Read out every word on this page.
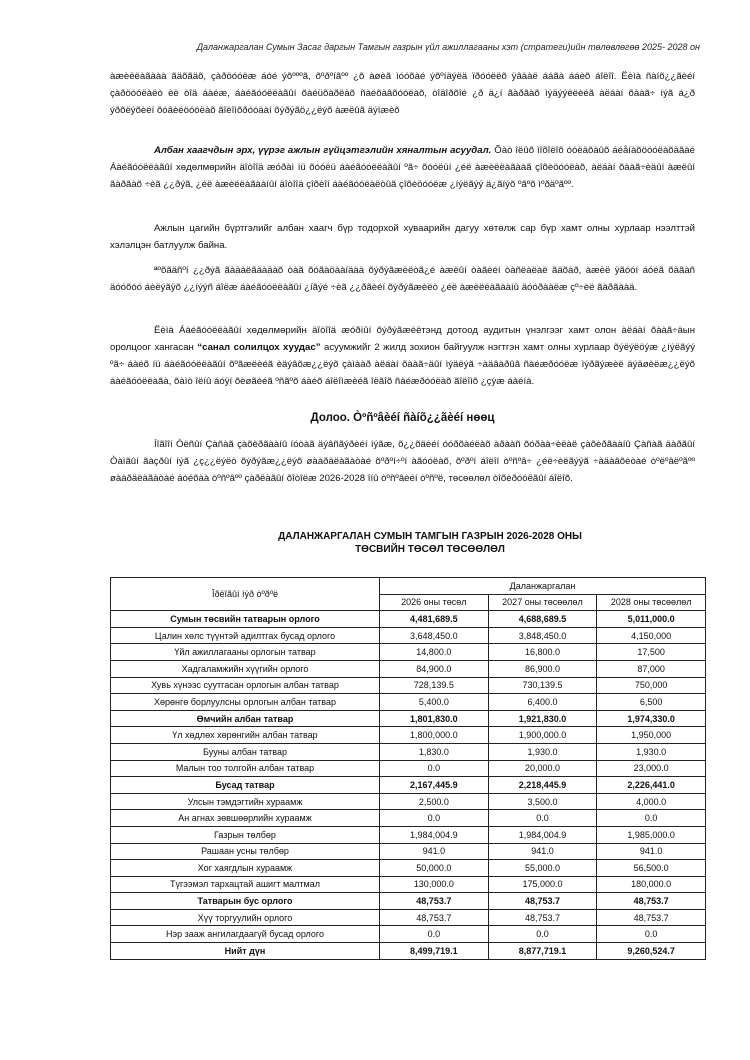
Даланжаргалан Сумын Засаг даргын Тамгын газрын үйл ажиллагааны хэт (стратеги)ийн төлөвлөгөө 2025- 2028 он

àæèëëàãààà ãäõãäõ, çàðöóóëæ áóé ýõºººã, õºðºíãºº ¿õ àøèã ìóóõàé ýõºíäýëä ïðóóëëõ ÿâààë ááãà ááèõ áîëîî. Ëèìà ñàíõ¿¿ãèéí çàðöóóëàëò èë òîä áàéæ, áàéãóóëëàãûí õàéüõàðëàõ ñàéõàâõóóëàõ, òîäîðõîé ¿ð ä¿í ãàðãàõ ìýäýýëëèéã àëáàí õààã÷ íýã á¿ð ýðõëýõèéí õóâèéöóóëàõ ãîëîìõðóóäàí õýðýãö¿¿ëýõ àæëûã äýìæèõ

Албан хаагчдын эрх, үүрэг ажлын гүйцэтгэлийн хяналтын асуудал. Õàò îëûõ ìîõîëîõ óóëäõàûõ áéåíàõöóóëàõàãàé Áàéãóóëëàãûí хөдөлмөрийн äîòîîä æóðàì íü õóóëü áàéãóóëëàãûí ºã÷ õóóëüí ¿éë àæèëëàãààã çîõèöóóëàõ, àëáàí õààã÷èäûí àæëûí ãàðãàõ ÷èã ¿¿ðýã, ¿éë àæèëëàãààíûí äîòîîä çîõèîí áàéãóóëàëòûã çîõèöóóëæ ¿íýëãýý ä¿ãíýõ ºãºõ ìºðäºãºº.

Ажлын цагийн бүртгэлийг албан хаагч бүр тодорхой хуваарийн дагуу хөтөлж сар бүр хамт олны хурлаар нээлттэй хэлэлцэн батлуулж байна.

ªºõãäñºí ¿¿ðýã ãàààëãààäàõ òàã õóãàöààíäàà õýðýãæèëòã¿é àæëûí òàãèéí òàñëàëàë ãäõàð, àæèë ÿãóóí áóéã õàãàñ äóóõóó áèëýãÿõ ¿¿íýýñ áîëæ áàéãóóëëàãûí ¿íãýé ÷èã ¿¿ðãèéí õýðýãæèëò ¿éë àæèëëàãààíû äóóðààëæ çº÷èë ãàðãààä.

Ëèìà Áàéãóóëëàãûí хөдөлмөрийн äîòîîä æóðìûí õýðýãæèëтэнд дотоод аудитын үнэлгээг хамт олон àëáàí õààã÷äын оролцоог хангасан “санал солилцох хуудас” асуумжийг 2 жилд зохион байгуулж нэгтгэн хамт олны хурлаар õýëýëöýæ ¿íýëãýý ºã÷ áàéõ íü áàéãóóëëàãûí õºãæëèéã èäýâõæ¿¿ëýõ çàìààð àëáàí õààã÷äûí ìýäëýã ÷àäâàðûã ñàéæðóóëæ ìýðãýæèë äýäøèëæ¿¿ëýõ áàéãóóëëàãà, õàìò îëíû áóÿí õèøãèéã ºñãºõ áàéõ áîëîìæèéã îëãîõ ñàéæðóóëàõ ãîëîìõ ¿çýæ áàéíà.

Долоо. Òºñºâèéí ñàíõ¿¿ãèéí нөөц

Íîãîîí Óëñûí Çàñàã çàõèðãààíû íóòàã äýâñãýðèéí íýãæ, õ¿¿õäèéí óóðõàéëàõ àðààñ õóðàà÷èëàë çàõèðãààíû Çàñàã äàðãûí Òàìãûí ãàçðûí íýã ¿ç¿¿ëýëò õýðýãæ¿¿ëýõ øààðäëàãàòàé õºðºí÷ºí àãóóëàõ, õºðºí áîëîí òºñºâ÷ ¿éë÷èëãýýã ÷àäàâõèòàé òºëºâëºãºº øààðäëàãàòàé áóéõàà òºñºâºº çàðëàãûí õîòîëæ 2026-2028 îíû òºñºâèéí òºñºë, төсөөлөл òîõèðóóëãûí áîëîõ.

ДАЛАНЖАРГАЛАН СУМЫН ТАМГЫН ГАЗРЫН 2026-2028 ОНЫ
ТӨСВИЙН ТӨСӨЛ ТӨСӨӨЛӨЛ
Îðëîãûí íýð òºðºë	Даланжаргалан		
	2026 оны төсөл	2027 оны төсөөлөл	2028 оны төсөөлөл
Сумын төсвийн татварын орлого	4,481,689.5	4,688,689.5	5,011,000.0
Цалин хөлс түүнтэй адилтгах бусад орлого	3,648,450.0	3,848,450.0	4,150,000
Үйл ажиллагааны орлогын татвар	14,800.0	16,800.0	17,500
Хадгаламжийн хүүгийн орлого	84,900.0	86,900.0	87,000
Хувь хүнээс суутгасан орлогын албан татвар	728,139.5	730,139.5	750,000
Хөрөнгө борлуулсны орлогын албан татвар	5,400.0	6,400.0	6,500
Өмчийн албан татвар	1,801,830.0	1,921,830.0	1,974,330.0
Үл хөдлөх хөрөнгийн албан татвар	1,800,000.0	1,900,000.0	1,950,000
Бууны албан татвар	1,830.0	1,930.0	1,930.0
Малын тоо толгойн албан татвар	0.0	20,000.0	23,000.0
Бусад татвар	2,167,445.9	2,218,445.9	2,226,441.0
Улсын тэмдэгтийн хураамж	2,500.0	3,500.0	4,000.0
Ан агнах зөвшөөрлийн хураамж	0.0	0.0	0.0
Газрын төлбөр	1,984,004.9	1,984,004.9	1,985,000.0
Рашаан усны төлбөр	941.0	941.0	941.0
Хог хаягдлын хураамж	50,000.0	55,000.0	56,500.0
Түгээмэл тархацтай ашигт малтмал	130,000.0	175,000.0	180,000.0
Татварын бус орлого	48,753.7	48,753.7	48,753.7
Хүү торгуулийн орлого	48,753.7	48,753.7	48,753.7
Нэр зааж ангилагдаагүй бусад орлого	0.0	0.0	0.0
Нийт дүн	8,499,719.1	8,877,719.1	9,260,524.7
